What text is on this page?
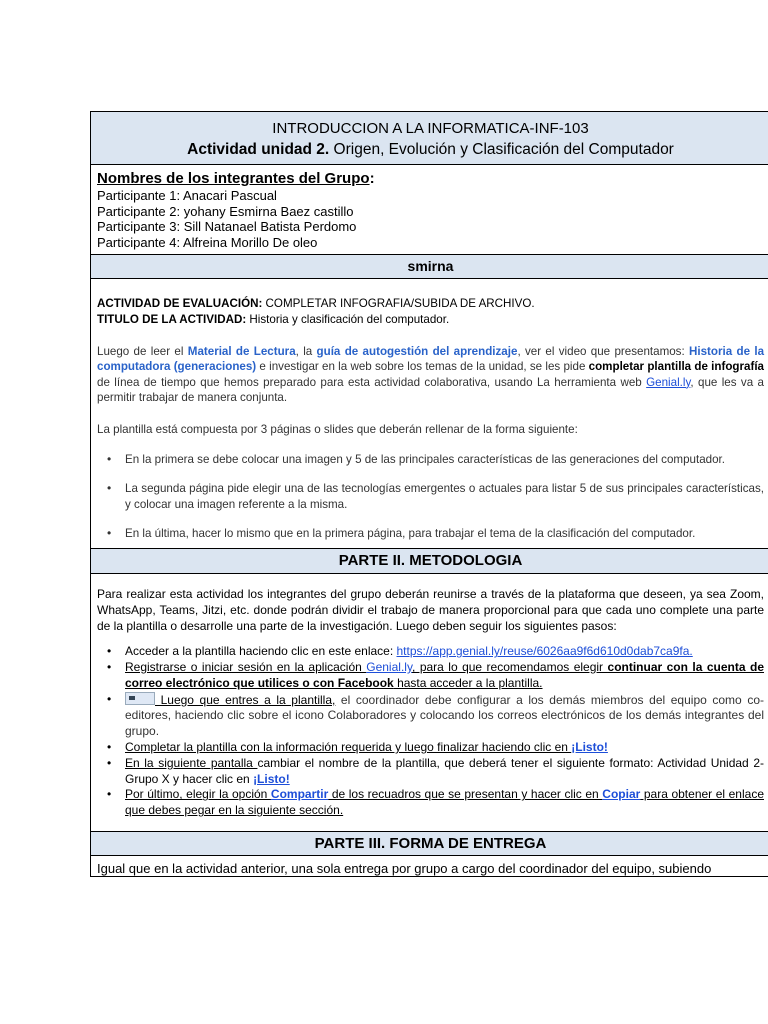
INTRODUCCION A LA INFORMATICA-INF-103
Actividad unidad 2. Origen, Evolución y Clasificación del Computador
Nombres de los integrantes del Grupo:
Participante 1: Anacari Pascual
Participante 2: yohany Esmirna Baez castillo
Participante 3: Sill Natanael Batista Perdomo
Participante 4: Alfreina Morillo De oleo
smirna
ACTIVIDAD DE EVALUACIÓN: COMPLETAR INFOGRAFIA/SUBIDA DE ARCHIVO.
TITULO DE LA ACTIVIDAD: Historia y clasificación del computador.

Luego de leer el Material de Lectura, la guía de autogestión del aprendizaje, ver el video que presentamos: Historia de la computadora (generaciones) e investigar en la web sobre los temas de la unidad, se les pide completar plantilla de infografía de línea de tiempo que hemos preparado para esta actividad colaborativa, usando La herramienta web Genial.ly, que les va a permitir trabajar de manera conjunta.

La plantilla está compuesta por 3 páginas o slides que deberán rellenar de la forma siguiente:

• En la primera se debe colocar una imagen y 5 de las principales características de las generaciones del computador.
• La segunda página pide elegir una de las tecnologías emergentes o actuales para listar 5 de sus principales características, y colocar una imagen referente a la misma.
• En la última, hacer lo mismo que en la primera página, para trabajar el tema de la clasificación del computador.
PARTE II. METODOLOGIA

Para realizar esta actividad los integrantes del grupo deberán reunirse a través de la plataforma que deseen, ya sea Zoom, WhatsApp, Teams, Jitzi, etc. donde podrán dividir el trabajo de manera proporcional para que cada uno complete una parte de la plantilla o desarrolle una parte de la investigación. Luego deben seguir los siguientes pasos:

• Acceder a la plantilla haciendo clic en este enlace: https://app.genial.ly/reuse/6026aa9f6d610d0dab7ca9fa.
• Registrarse o iniciar sesión en la aplicación Genial.ly, para lo que recomendamos elegir continuar con la cuenta de correo electrónico que utilices o con Facebook hasta acceder a la plantilla.
• Luego que entres a la plantilla, el coordinador debe configurar a los demás miembros del equipo como co-editores, haciendo clic sobre el icono Colaboradores y colocando los correos electrónicos de los demás integrantes del grupo.
• Completar la plantilla con la información requerida y luego finalizar haciendo clic en ¡Listo!
• En la siguiente pantalla cambiar el nombre de la plantilla, que deberá tener el siguiente formato: Actividad Unidad 2-Grupo X y hacer clic en ¡Listo!
• Por último, elegir la opción Compartir de los recuadros que se presentan y hacer clic en Copiar para obtener el enlace que debes pegar en la siguiente sección.
PARTE III. FORMA DE ENTREGA
Igual que en la actividad anterior, una sola entrega por grupo a cargo del coordinador del equipo, subiendo
